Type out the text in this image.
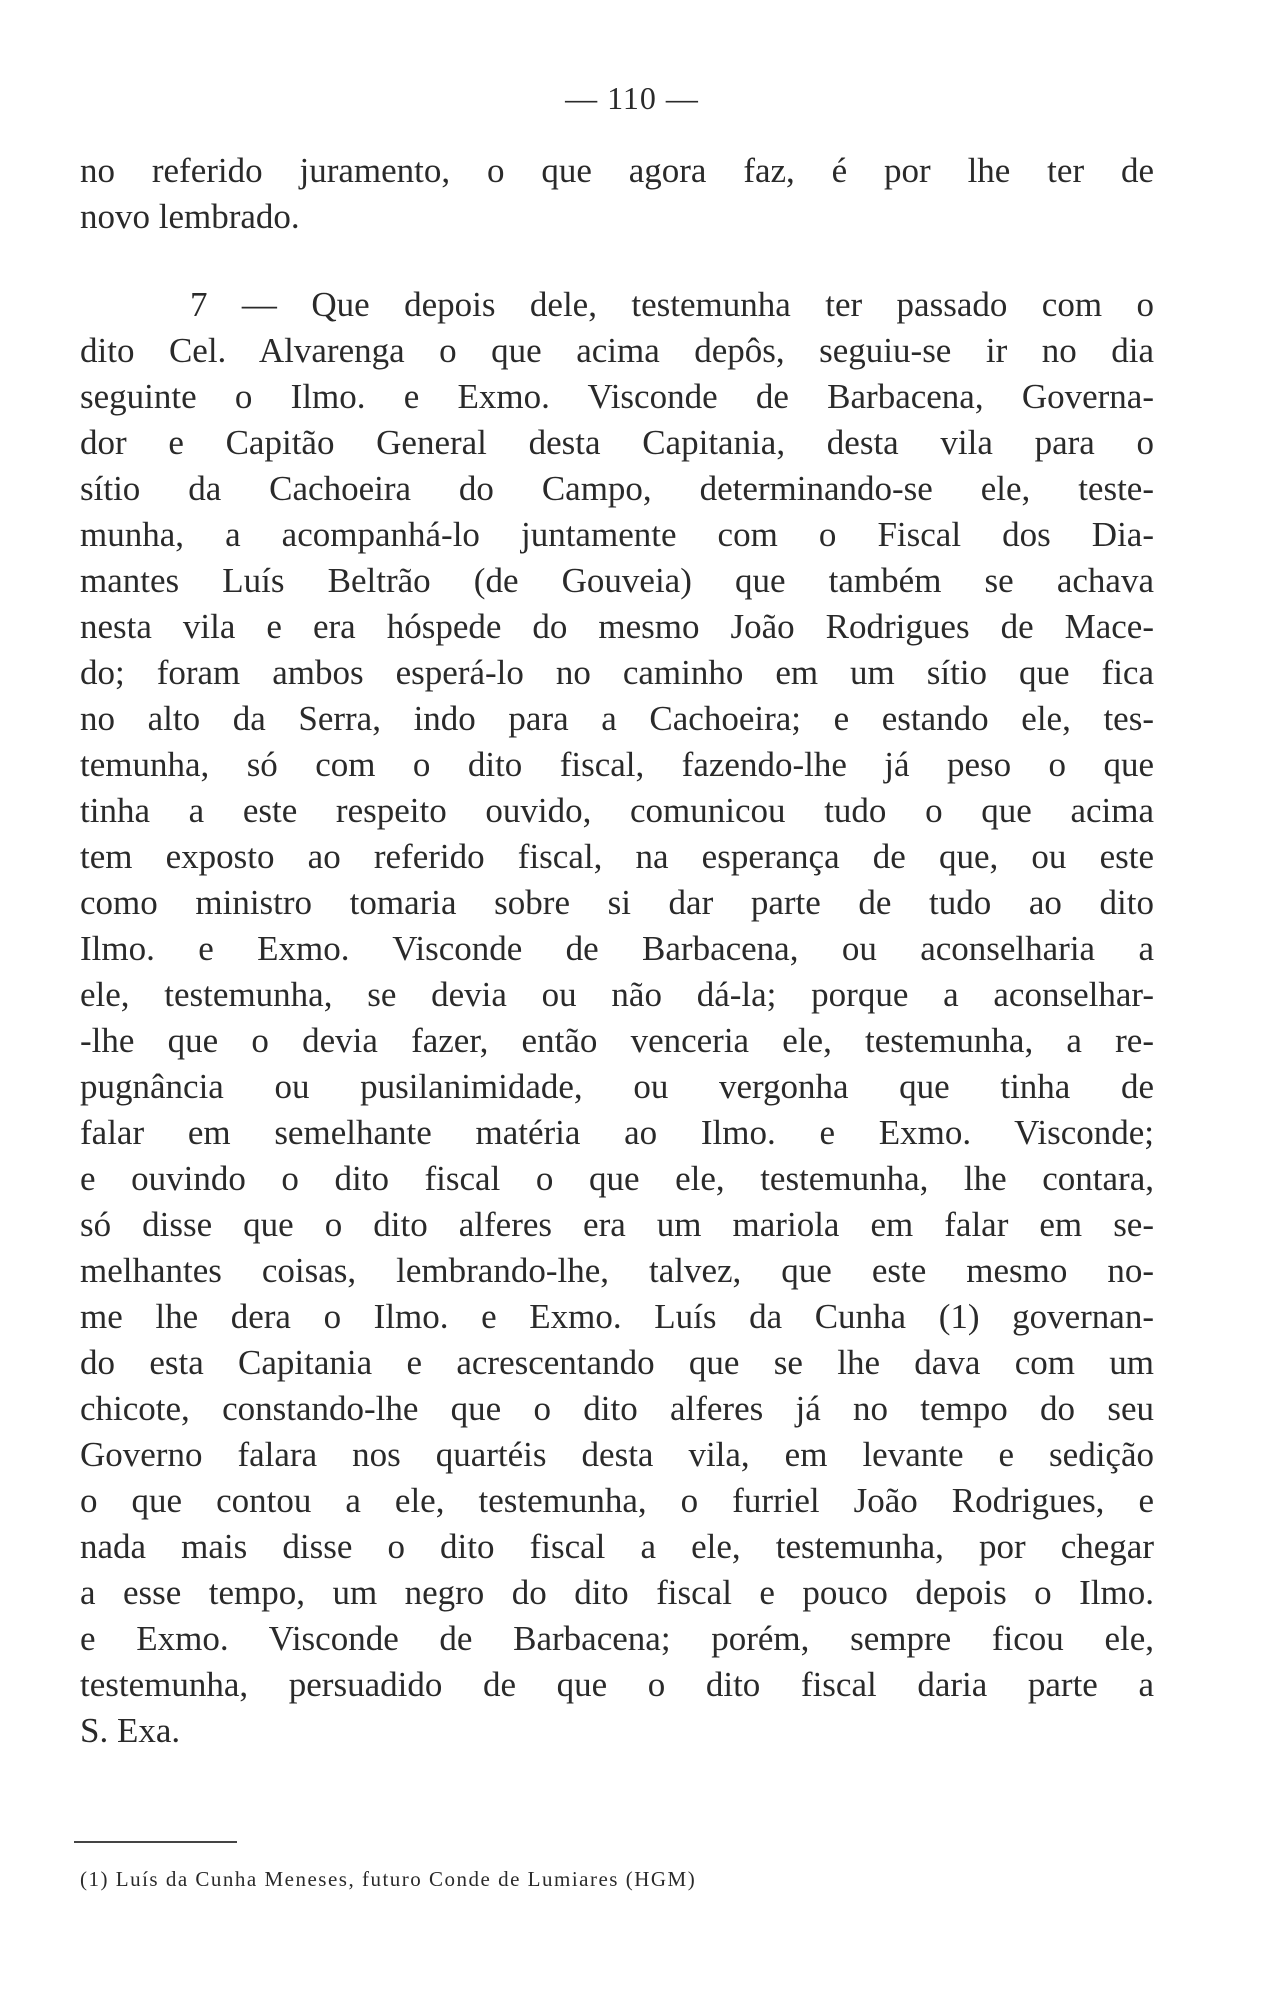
— 110 —
no referido juramento, o que agora faz, é por lhe ter de
novo lembrado.
7 — Que depois dele, testemunha ter passado com o
dito Cel. Alvarenga o que acima depôs, seguiu-se ir no dia
seguinte o Ilmo. e Exmo. Visconde de Barbacena, Governa-
dor e Capitão General desta Capitania, desta vila para o
sítio da Cachoeira do Campo, determinando-se ele, teste-
munha, a acompanhá-lo juntamente com o Fiscal dos Dia-
mantes Luís Beltrão (de Gouveia) que também se achava
nesta vila e era hóspede do mesmo João Rodrigues de Mace-
do; foram ambos esperá-lo no caminho em um sítio que fica
no alto da Serra, indo para a Cachoeira; e estando ele, tes-
temunha, só com o dito fiscal, fazendo-lhe já peso o que
tinha a este respeito ouvido, comunicou tudo o que acima
tem exposto ao referido fiscal, na esperança de que, ou este
como ministro tomaria sobre si dar parte de tudo ao dito
Ilmo. e Exmo. Visconde de Barbacena, ou aconselharia a
ele, testemunha, se devia ou não dá-la; porque a aconselhar-
-lhe que o devia fazer, então venceria ele, testemunha, a re-
pugnância ou pusilanimidade, ou vergonha que tinha de
falar em semelhante matéria ao Ilmo. e Exmo. Visconde;
e ouvindo o dito fiscal o que ele, testemunha, lhe contara,
só disse que o dito alferes era um mariola em falar em se-
melhantes coisas, lembrando-lhe, talvez, que este mesmo no-
me lhe dera o Ilmo. e Exmo. Luís da Cunha (1) governan-
do esta Capitania e acrescentando que se lhe dava com um
chicote, constando-lhe que o dito alferes já no tempo do seu
Governo falara nos quartéis desta vila, em levante e sedição
o que contou a ele, testemunha, o furriel João Rodrigues, e
nada mais disse o dito fiscal a ele, testemunha, por chegar
a esse tempo, um negro do dito fiscal e pouco depois o Ilmo.
e Exmo. Visconde de Barbacena; porém, sempre ficou ele,
testemunha, persuadido de que o dito fiscal daria parte a
S. Exa.
(1) Luís da Cunha Meneses, futuro Conde de Lumiares (HGM)
